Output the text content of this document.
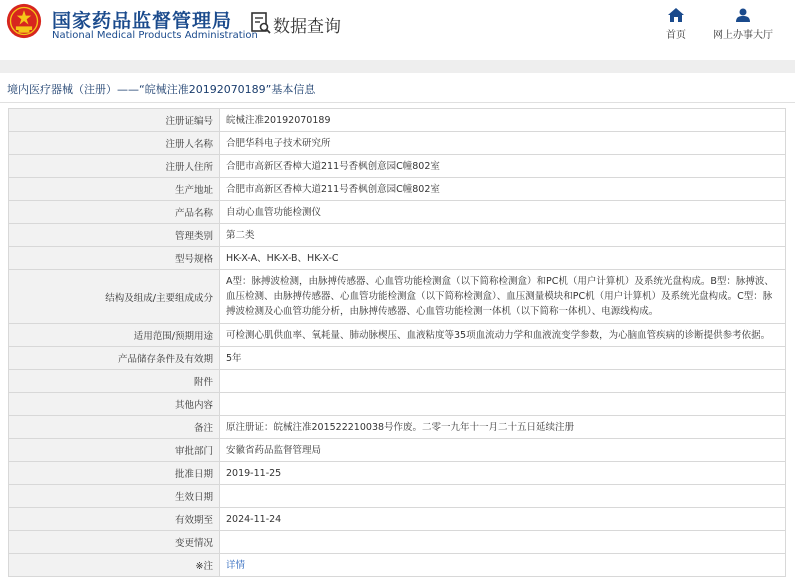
国家药品监督管理局
National Medical Products Administration 数据查询	首页	网上办事大厅
境内医疗器械（注册）——“皖械注准20192070189”基本信息
注册证编号	皖械注准20192070189
注册人名称	合肥华科电子技术研究所
注册人住所	合肥市高新区香樟大道211号香枫创意园C幢802室
生产地址	合肥市高新区香樟大道211号香枫创意园C幢802室
产品名称	自动心血管功能检测仪
管理类别	第二类
型号规格	HK-X-A、HK-X-B、HK-X-C
结构及组成/主要组成成分	A型：脉搏波检测，由脉搏传感器、心血管功能检测盒（以下简称检测盒）和PC机（用户计算机）及系统光盘构成。B型：脉搏波、血压检测、由脉搏传感器、心血管功能检测盒（以下简称检测盒）、血压测量模块和PC机（用户计算机）及系统光盘构成。C型：脉搏波检测及心血管功能分析，由脉搏传感器、心血管功能检测一体机（以下简称一体机）、电源线构成。
适用范围/预期用途	可检测心肌供血率、氧耗量、肺动脉楔压、血液粘度等35项血流动力学和血液流变学参数，为心脑血管疾病的诊断提供参考依据。
产品储存条件及有效期	5年
附件	
其他内容	
备注	原注册证：皖械注准201522210038号作废。二零一九年十一月二十五日延续注册
审批部门	安徽省药品监督管理局
批准日期	2019-11-25
生效日期	
有效期至	2024-11-24
变更情况	
※注	详情
